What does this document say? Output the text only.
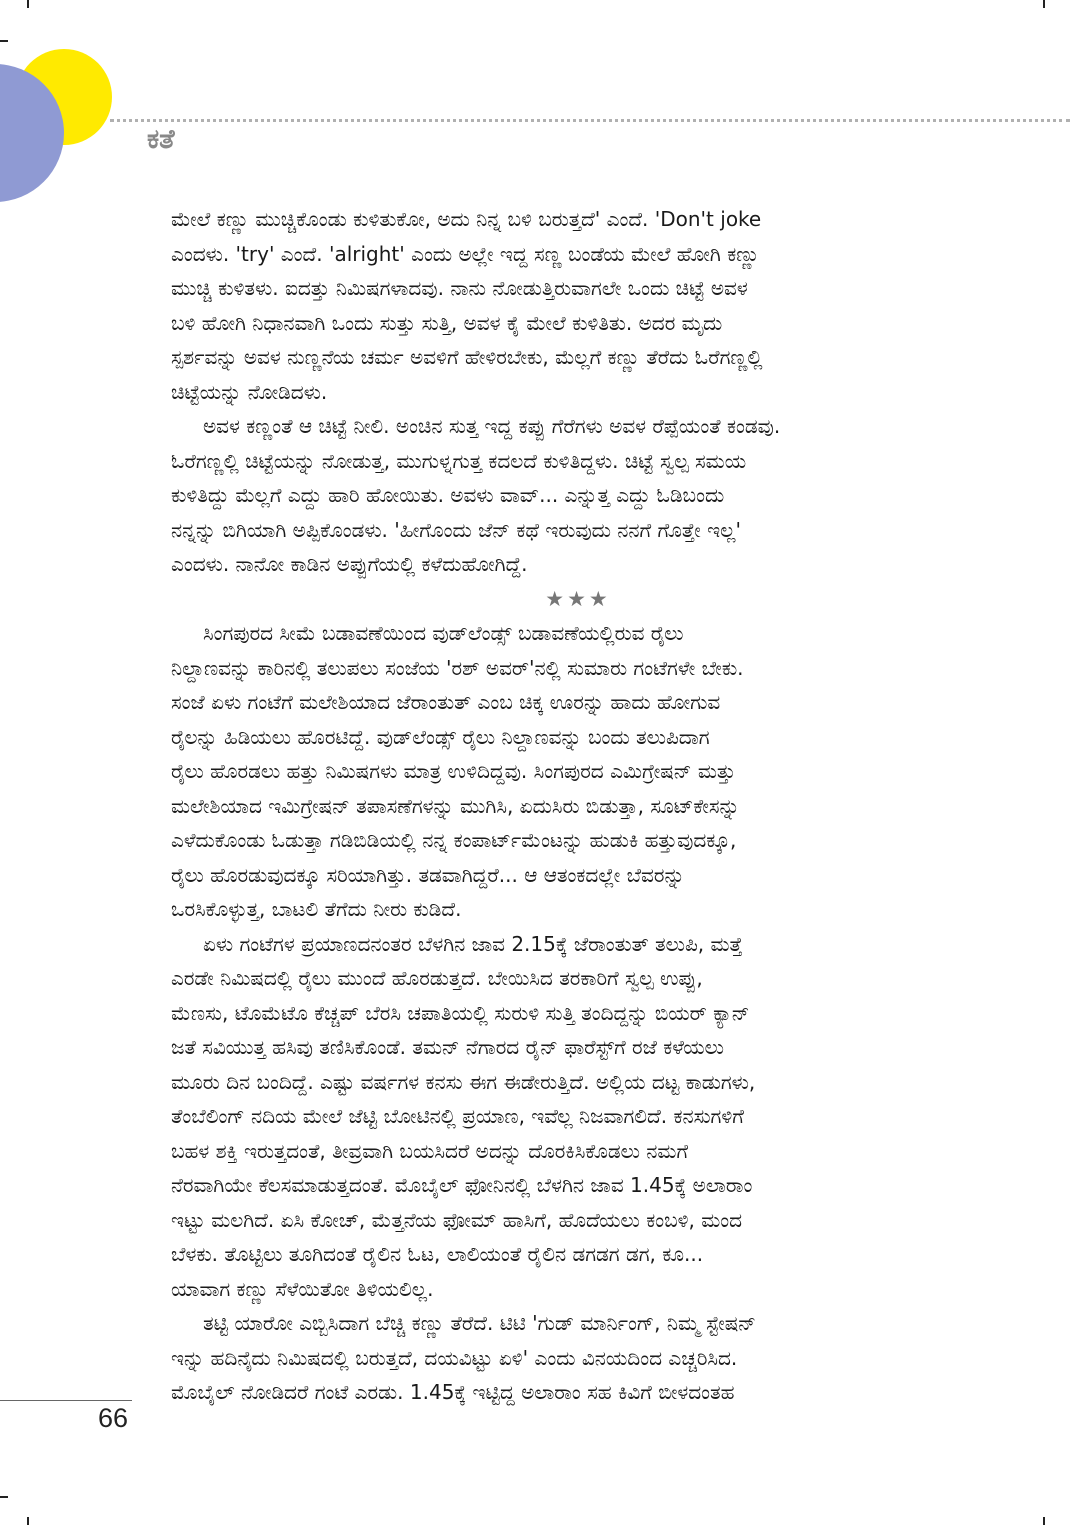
ಕತೆ
ಮೇಲೆ ಕಣ್ಣು ಮುಚ್ಚಿಕೊಂಡು ಕುಳಿತುಕೋ, ಅದು ನಿನ್ನ ಬಳಿ ಬರುತ್ತದೆ' ಎಂದೆ. 'Don't joke
ಎಂದಳು. 'try' ಎಂದೆ. 'alright' ಎಂದು ಅಲ್ಲೇ ಇದ್ದ ಸಣ್ಣ ಬಂಡೆಯ ಮೇಲೆ ಹೋಗಿ ಕಣ್ಣು
ಮುಚ್ಚಿ ಕುಳಿತಳು. ಐದತ್ತು ನಿಮಿಷಗಳಾದವು. ನಾನು ನೋಡುತ್ತಿರುವಾಗಲೇ ಒಂದು ಚಿಟ್ಟೆ ಅವಳ
ಬಳಿ ಹೋಗಿ ನಿಧಾನವಾಗಿ ಒಂದು ಸುತ್ತು ಸುತ್ತಿ, ಅವಳ ಕೈ ಮೇಲೆ ಕುಳಿತಿತು. ಅದರ ಮೃದು
ಸ್ಪರ್ಶವನ್ನು ಅವಳ ನುಣ್ಣನೆಯ ಚರ್ಮ ಅವಳಿಗೆ ಹೇಳಿರಬೇಕು, ಮೆಲ್ಲಗೆ ಕಣ್ಣು ತೆರೆದು ಓರೆಗಣ್ಣಲ್ಲಿ
ಚಿಟ್ಟೆಯನ್ನು ನೋಡಿದಳು.
ಅವಳ ಕಣ್ಣಂತೆ ಆ ಚಿಟ್ಟೆ ನೀಲಿ. ಅಂಚಿನ ಸುತ್ತ ಇದ್ದ ಕಪ್ಪು ಗೆರೆಗಳು ಅವಳ ರೆಪ್ಪೆಯಂತೆ ಕಂಡವು.
ಓರೆಗಣ್ಣಲ್ಲಿ ಚಿಟ್ಟೆಯನ್ನು ನೋಡುತ್ತ, ಮುಗುಳ್ನಗುತ್ತ ಕದಲದೆ ಕುಳಿತಿದ್ದಳು. ಚಿಟ್ಟೆ ಸ್ವಲ್ಪ ಸಮಯ
ಕುಳಿತಿದ್ದು ಮೆಲ್ಲಗೆ ಎದ್ದು ಹಾರಿ ಹೋಯಿತು. ಅವಳು ವಾವ್... ಎನ್ನುತ್ತ ಎದ್ದು ಓಡಿಬಂದು
ನನ್ನನ್ನು ಬಿಗಿಯಾಗಿ ಅಪ್ಪಿಕೊಂಡಳು. 'ಹೀಗೊಂದು ಜೆನ್ ಕಥೆ ಇರುವುದು ನನಗೆ ಗೊತ್ತೇ ಇಲ್ಲ'
ಎಂದಳು. ನಾನೋ ಕಾಡಿನ ಅಪ್ಪುಗೆಯಲ್ಲಿ ಕಳೆದುಹೋಗಿದ್ದೆ.
★★★
ಸಿಂಗಪುರದ ಸೀಮೆ ಬಡಾವಣೆಯಿಂದ ವುಡ್‌ಲೆಂಡ್ಸ್ ಬಡಾವಣೆಯಲ್ಲಿರುವ ರೈಲು
ನಿಲ್ದಾಣವನ್ನು ಕಾರಿನಲ್ಲಿ ತಲುಪಲು ಸಂಜೆಯ 'ರಶ್ ಅವರ್'ನಲ್ಲಿ ಸುಮಾರು ಗಂಟೆಗಳೇ ಬೇಕು.
ಸಂಜೆ ಏಳು ಗಂಟೆಗೆ ಮಲೇಶಿಯಾದ ಜೆರಾಂತುತ್ ಎಂಬ ಚಿಕ್ಕ ಊರನ್ನು ಹಾದು ಹೋಗುವ
ರೈಲನ್ನು ಹಿಡಿಯಲು ಹೊರಟಿದ್ದೆ. ವುಡ್‌ಲೆಂಡ್ಸ್ ರೈಲು ನಿಲ್ದಾಣವನ್ನು ಬಂದು ತಲುಪಿದಾಗ
ರೈಲು ಹೊರಡಲು ಹತ್ತು ನಿಮಿಷಗಳು ಮಾತ್ರ ಉಳಿದಿದ್ದವು. ಸಿಂಗಪುರದ ಎಮಿಗ್ರೇಷನ್ ಮತ್ತು
ಮಲೇಶಿಯಾದ ಇಮಿಗ್ರೇಷನ್ ತಪಾಸಣೆಗಳನ್ನು ಮುಗಿಸಿ, ಏದುಸಿರು ಬಿಡುತ್ತಾ, ಸೂಟ್‌ಕೇಸನ್ನು
ಎಳೆದುಕೊಂಡು ಓಡುತ್ತಾ ಗಡಿಬಿಡಿಯಲ್ಲಿ ನನ್ನ ಕಂಪಾರ್ಟ್‌ಮೆಂಟನ್ನು ಹುಡುಕಿ ಹತ್ತುವುದಕ್ಕೂ,
ರೈಲು ಹೊರಡುವುದಕ್ಕೂ ಸರಿಯಾಗಿತ್ತು. ತಡವಾಗಿದ್ದರೆ... ಆ ಆತಂಕದಲ್ಲೇ ಬೆವರನ್ನು
ಒರಸಿಕೊಳ್ಳುತ್ತ, ಬಾಟಲಿ ತೆಗೆದು ನೀರು ಕುಡಿದೆ.
ಏಳು ಗಂಟೆಗಳ ಪ್ರಯಾಣದನಂತರ ಬೆಳಗಿನ ಜಾವ 2.15ಕ್ಕೆ ಜೆರಾಂತುತ್ ತಲುಪಿ, ಮತ್ತೆ
ಎರಡೇ ನಿಮಿಷದಲ್ಲಿ ರೈಲು ಮುಂದೆ ಹೊರಡುತ್ತದೆ. ಬೇಯಿಸಿದ ತರಕಾರಿಗೆ ಸ್ವಲ್ಪ ಉಪ್ಪು,
ಮೆಣಸು, ಟೊಮೆಟೊ ಕೆಚ್ಚಪ್ ಬೆರಸಿ ಚಪಾತಿಯಲ್ಲಿ ಸುರುಳಿ ಸುತ್ತಿ ತಂದಿದ್ದನ್ನು ಬಿಯರ್ ಕ್ಯಾನ್
ಜತೆ ಸವಿಯುತ್ತ ಹಸಿವು ತಣಿಸಿಕೊಂಡೆ. ತಮನ್ ನೆಗಾರದ ರೈನ್ ಫಾರೆಸ್ಟ್‌ಗೆ ರಜೆ ಕಳೆಯಲು
ಮೂರು ದಿನ ಬಂದಿದ್ದೆ. ಎಷ್ಟು ವರ್ಷಗಳ ಕನಸು ಈಗ ಈಡೇರುತ್ತಿದೆ. ಅಲ್ಲಿಯ ದಟ್ಟ ಕಾಡುಗಳು,
ತೆಂಬೆಲಿಂಗ್ ನದಿಯ ಮೇಲೆ ಜೆಟ್ಟಿ ಬೋಟಿನಲ್ಲಿ ಪ್ರಯಾಣ, ಇವೆಲ್ಲ ನಿಜವಾಗಲಿದೆ. ಕನಸುಗಳಿಗೆ
ಬಹಳ ಶಕ್ತಿ ಇರುತ್ತದಂತೆ, ತೀವ್ರವಾಗಿ ಬಯಸಿದರೆ ಅದನ್ನು ದೊರಕಿಸಿಕೊಡಲು ನಮಗೆ
ನೆರವಾಗಿಯೇ ಕೆಲಸಮಾಡುತ್ತದಂತೆ. ಮೊಬೈಲ್ ಫೋನಿನಲ್ಲಿ ಬೆಳಗಿನ ಜಾವ 1.45ಕ್ಕೆ ಅಲಾರಾಂ
ಇಟ್ಟು ಮಲಗಿದೆ. ಏಸಿ ಕೋಚ್, ಮೆತ್ತನೆಯ ಫೋಮ್ ಹಾಸಿಗೆ, ಹೊದೆಯಲು ಕಂಬಳಿ, ಮಂದ
ಬೆಳಕು. ತೊಟ್ಟಿಲು ತೂಗಿದಂತೆ ರೈಲಿನ ಓಟ, ಲಾಲಿಯಂತೆ ರೈಲಿನ ಡಗಡಗ ಡಗ, ಕೂ...
ಯಾವಾಗ ಕಣ್ಣು ಸೆಳೆಯಿತೋ ತಿಳಿಯಲಿಲ್ಲ.
ತಟ್ಟಿ ಯಾರೋ ಎಬ್ಬಿಸಿದಾಗ ಬೆಚ್ಚಿ ಕಣ್ಣು ತೆರೆದೆ. ಟಿಟಿ 'ಗುಡ್ ಮಾರ್ನಿಂಗ್, ನಿಮ್ಮ ಸ್ಟೇಷನ್
ಇನ್ನು ಹದಿನೈದು ನಿಮಿಷದಲ್ಲಿ ಬರುತ್ತದೆ, ದಯವಿಟ್ಟು ಏಳಿ' ಎಂದು ವಿನಯದಿಂದ ಎಚ್ಚರಿಸಿದ.
ಮೊಬೈಲ್ ನೋಡಿದರೆ ಗಂಟೆ ಎರಡು. 1.45ಕ್ಕೆ ಇಟ್ಟಿದ್ದ ಅಲಾರಾಂ ಸಹ ಕಿವಿಗೆ ಬೀಳದಂತಹ
66
